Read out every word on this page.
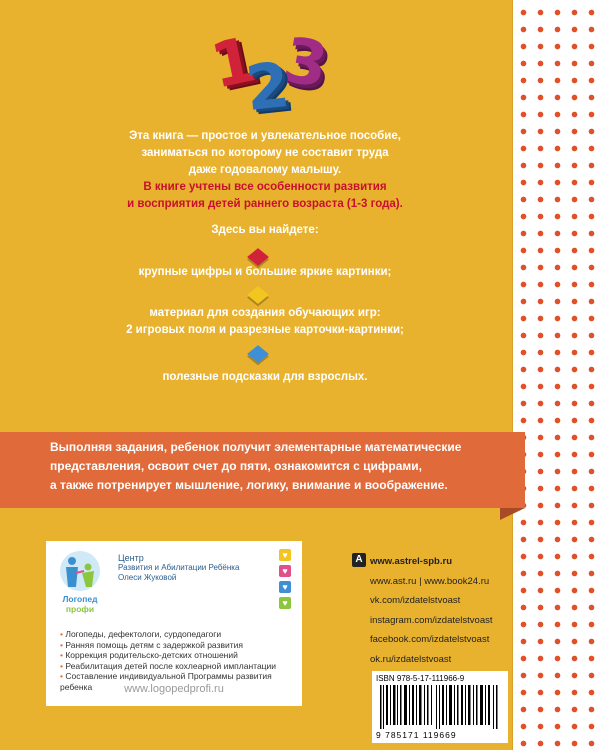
1 3
2
Эта книга — простое и увлекательное пособие,
заниматься по которому не составит труда
даже годовалому малышу.
В книге учтены все особенности развития
и восприятия детей раннего возраста (1-3 года).
Здесь вы найдете:
крупные цифры и большие яркие картинки;
материал для создания обучающих игр:
2 игровых поля и разрезные карточки-картинки;
полезные подсказки для взрослых.
Выполняя задания, ребенок получит элементарные математические
представления, освоит счет до пяти, ознакомится с цифрами,
а также потренирует мышление, логику, внимание и воображение.
Логопед
профи
Центр
Развития и Абилитации Ребёнка
Олеси Жуковой
♥
♥
♥
♥
• Логопеды, дефектологи, сурдопедагоги
• Ранняя помощь детям с задержкой развития
• Коррекция родительско-детских отношений
• Реабилитация детей после кохлеарной имплантации
• Составление индивидуальной Программы развития ребенка	www.logopedprofi.ru
A www.astrel-spb.ru
www.ast.ru | www.book24.ru
vk.com/izdatelstvoast
instagram.com/izdatelstvoast
facebook.com/izdatelstvoast
ok.ru/izdatelstvoast
ISBN 978-5-17-111966-9
9 785171 119669
